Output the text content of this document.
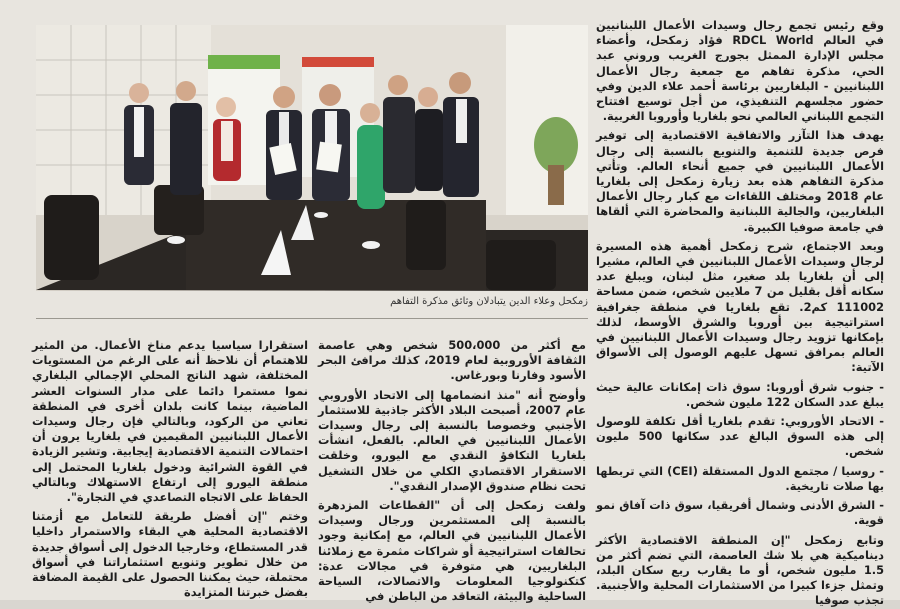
وقع رئيس تجمع رجال وسيدات الأعمال اللبنانيين في العالم RDCL World فؤاد زمكحل، وأعضاء مجلس الإدارة الممثل بجورج الغريب وروني عبد الحي، مذكرة تفاهم مع جمعية رجال الأعمال اللبنانيين - البلغاريين برئاسة أحمد علاء الدين وفي حضور مجلسهم التنفيذي، من أجل توسيع افتتاح التجمع اللبناني العالمي نحو بلغاريا وأوروبا الغربية.

يهدف هذا التآزر والاتفاقية الاقتصادية إلى توفير فرص جديدة للتنمية والتنويع بالنسبة إلى رجال الأعمال اللبنانيين في جميع أنحاء العالم. وتأتي مذكرة التفاهم هذه بعد زيارة زمكحل إلى بلغاريا عام 2018 ومختلف اللقاءات مع كبار رجال الأعمال البلغاريين، والجالية اللبنانية والمحاضرة التي ألقاها في جامعة صوفيا الكبيرة.

وبعد الاجتماع، شرح زمكحل أهمية هذه المسيرة لرجال وسيدات الأعمال اللبنانيين في العالم، مشيرا إلى أن بلغاريا بلد صغير، مثل لبنان، ويبلغ عدد سكانه أقل بقليل من 7 ملايين شخص، ضمن مساحة 111002 كم2. تقع بلغاريا في منطقة جغرافية استراتيجية بين أوروبا والشرق الأوسط، لذلك بإمكانها تزويد رجال وسيدات الأعمال اللبنانيين في العالم بمرافق تسهل عليهم الوصول إلى الأسواق الآتية:

- جنوب شرق أوروبا: سوق ذات إمكانات عالية حيث يبلغ عدد السكان 122 مليون شخص.

- الاتحاد الأوروبي: تقدم بلغاريا أقل تكلفة للوصول إلى هذه السوق البالغ عدد سكانها 500 مليون شخص.

- روسيا / مجتمع الدول المستقلة (CEI) التي تربطها بها صلات تاريخية.

- الشرق الأدنى وشمال أفريقيا، سوق ذات آفاق نمو قوية.

وتابع زمكحل "إن المنطقة الاقتصادية الأكثر ديناميكية هي بلا شك العاصمة، التي تضم أكثر من 1.5 مليون شخص، أو ما يقارب ربع سكان البلد، وتمثل جزءا كبيرا من الاستثمارات المحلية والأجنبية. تجذب صوفيا

زمكحل وعلاء الدين يتبادلان وثائق مذكرة التفاهم

مع أكثر من 500،000 شخص وهي عاصمة الثقافة الأوروبية لعام 2019، كذلك مرافئ البحر الأسود وفارنا وبورغاس.

وأوضح أنه "منذ انضمامها إلى الاتحاد الأوروبي عام 2007، أصبحت البلاد الأكثر جاذبية للاستثمار الأجنبي وخصوصا بالنسبة إلى رجال وسيدات الأعمال اللبنانيين في العالم. بالفعل، انشأت بلغاريا التكافؤ النقدي مع اليورو، وخلقت الاستقرار الاقتصادي الكلي من خلال التشغيل تحت نظام صندوق الإصدار النقدي".

ولفت زمكحل إلى أن "القطاعات المزدهرة بالنسبة إلى المستثمرين ورجال وسيدات الأعمال اللبنانيين في العالم، مع إمكانية وجود تحالفات استراتيجية أو شراكات مثمرة مع زملائنا البلغاريين، هي متوفرة في مجالات عدة: كتكنولوجيا المعلومات والاتصالات، السياحة الساحلية والبيئة، التعاقد من الباطن في

استقرارا سياسيا يدعم مناخ الأعمال. من المثير للاهتمام أن نلاحظ أنه على الرغم من المستويات المختلفة، شهد الناتج المحلي الإجمالي البلغاري نموا مستمرا دائما على مدار السنوات العشر الماضية، بينما كانت بلدان أخرى في المنطقة تعاني من الركود، وبالتالي فإن رجال وسيدات الأعمال اللبنانيين المقيمين في بلغاريا يرون أن احتمالات التنمية الاقتصادية إيجابية. وتشير الزيادة في القوة الشرائية ودخول بلغاريا المحتمل إلى منطقة اليورو إلى ارتفاع الاستهلاك وبالتالي الحفاظ على الاتجاه التصاعدي في التجارة".

وختم "إن أفضل طريقة للتعامل مع أزمتنا الاقتصادية المحلية هي البقاء والاستمرار داخليا قدر المستطاع، وخارجيا الدخول إلى أسواق جديدة من خلال تطوير وتنويع استثماراتنا في أسواق محتملة، حيث يمكننا الحصول على القيمة المضافة بفضل خبرتنا المتزايدة
